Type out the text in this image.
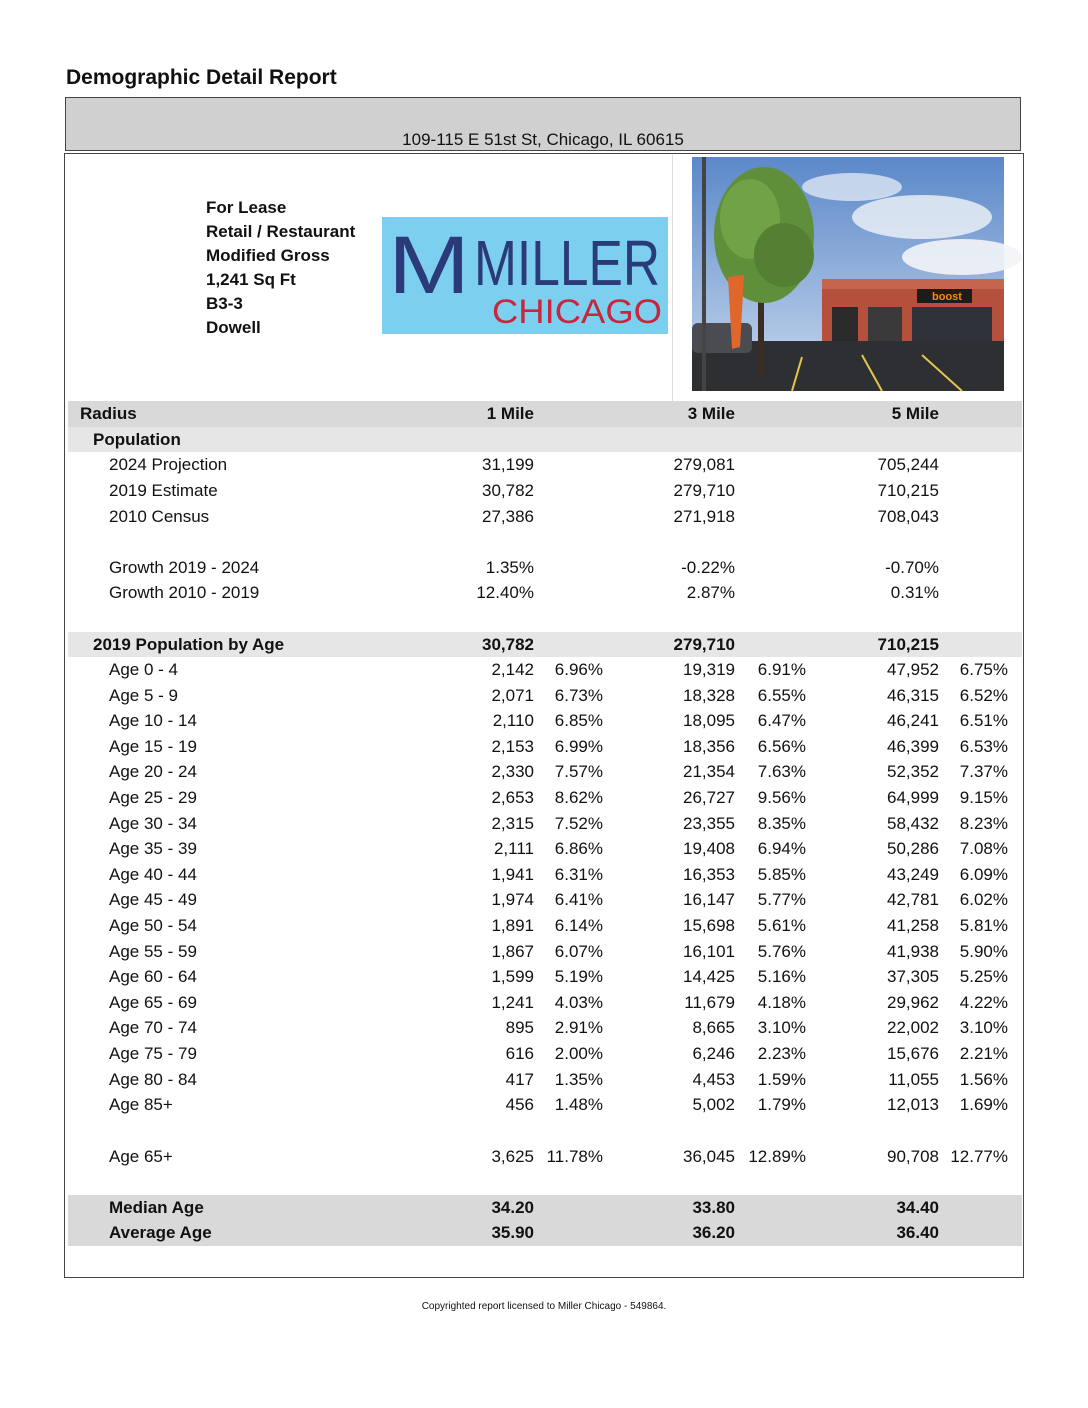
Demographic Detail Report
109-115 E 51st St, Chicago, IL 60615
For Lease
Retail / Restaurant
Modified Gross
1,241 Sq Ft
B3-3
Dowell
M MILLER
CHICAGO	boost
Radius	1 Mile	3 Mile	5 Mile
Population
2024 Projection	31,199	279,081	705,244
2019 Estimate	30,782	279,710	710,215
2010 Census	27,386	271,918	708,043
Growth 2019 - 2024	1.35%	-0.22%	-0.70%
Growth 2010 - 2019	12.40%	2.87%	0.31%
2019 Population by Age	30,782	279,710	710,215
Age 0 - 4	2,142 6.96%	19,319 6.91%	47,952 6.75%
Age 5 - 9	2,071 6.73%	18,328 6.55%	46,315 6.52%
Age 10 - 14	2,110 6.85%	18,095 6.47%	46,241 6.51%
Age 15 - 19	2,153 6.99%	18,356 6.56%	46,399 6.53%
Age 20 - 24	2,330 7.57%	21,354 7.63%	52,352 7.37%
Age 25 - 29	2,653 8.62%	26,727 9.56%	64,999 9.15%
Age 30 - 34	2,315 7.52%	23,355 8.35%	58,432 8.23%
Age 35 - 39	2,111 6.86%	19,408 6.94%	50,286 7.08%
Age 40 - 44	1,941 6.31%	16,353 5.85%	43,249 6.09%
Age 45 - 49	1,974 6.41%	16,147 5.77%	42,781 6.02%
Age 50 - 54	1,891 6.14%	15,698 5.61%	41,258 5.81%
Age 55 - 59	1,867 6.07%	16,101 5.76%	41,938 5.90%
Age 60 - 64	1,599 5.19%	14,425 5.16%	37,305 5.25%
Age 65 - 69	1,241 4.03%	11,679 4.18%	29,962 4.22%
Age 70 - 74	895 2.91%	8,665 3.10%	22,002 3.10%
Age 75 - 79	616 2.00%	6,246 2.23%	15,676 2.21%
Age 80 - 84	417 1.35%	4,453 1.59%	11,055 1.56%
Age 85+	456 1.48%	5,002 1.79%	12,013 1.69%
Age 65+	3,625 11.78%	36,045 12.89%	90,708 12.77%
Median Age	34.20	33.80	34.40
Average Age	35.90	36.20	36.40
Copyrighted report licensed to Miller Chicago - 549864.
